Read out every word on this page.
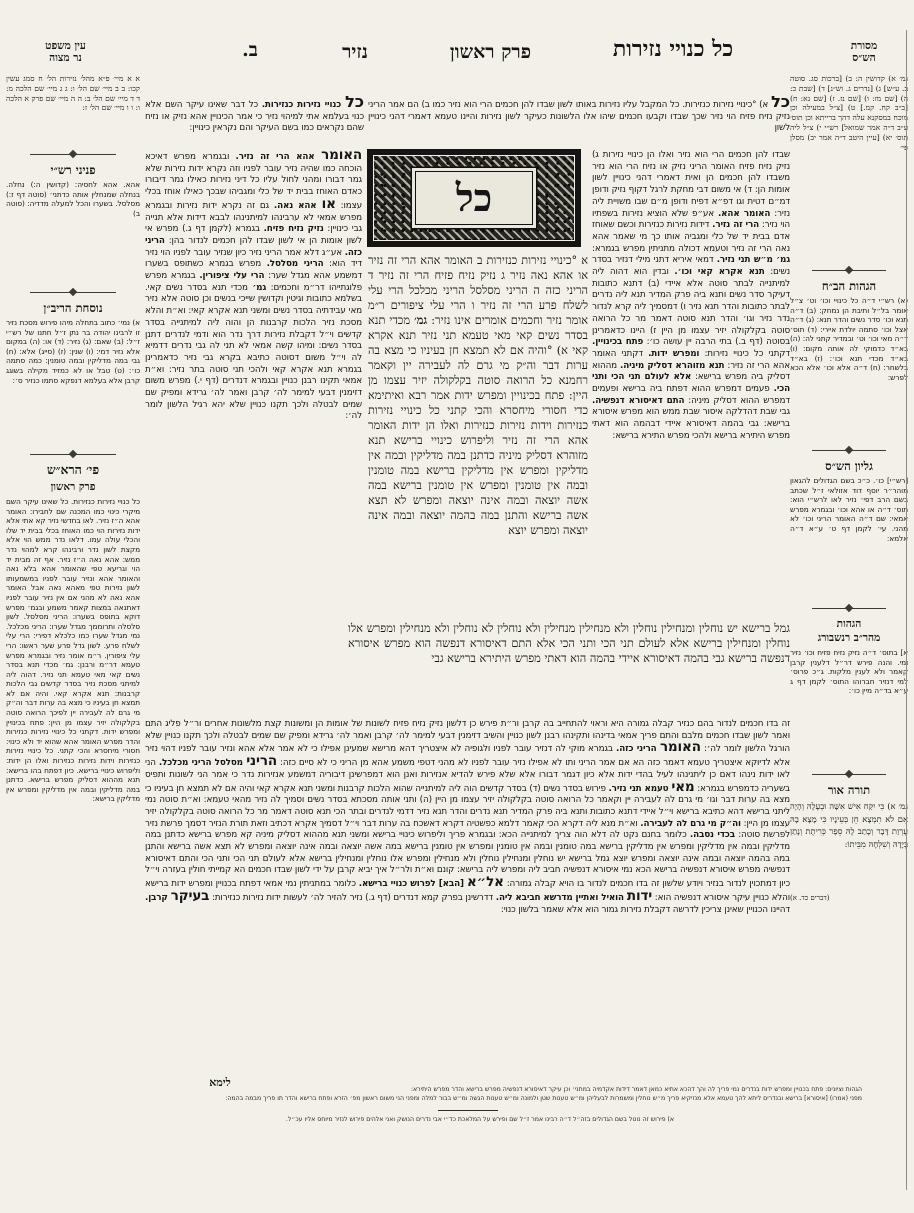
מסורת
הש״ס
כל כנויי נזירות
פרק ראשון
נזיר
ב.
עין משפט
נר מצוה
גמ׳ א) קדושין ה: ב) [ברכות סג. סוטה ב. ע״ש] ג) [נדרים ג. וש״נ] ד) [שבת כ: ה) [שם מז: ו) [שם נז. ז) [שם נא: ח) [ב״ב קח. קמ.] ט) [צ״ל במעילה וכן מוכח במסקנא עלה דהך ברייתא וכן תוס׳ ע״ב ד״ה אמר שמואל] רש״י י) צ״ל ליה תוס׳ יא) [עיין היטב ד״ה אמר יב) מסלן פי׳
הגהות הב״ח
(א) רש״י ד״ה כל כינויי וכו׳ וט׳ צ״ל אומר בל״ל ותיבת הן נמחק: (ב) ד״ה תנא וכו׳ סדר נשים והדר תנא: (ג) ד״ה אצל וכו׳ סתמה יולדת איירי: (ד) תוס׳ ד״ה מאי וכו׳ וט׳ ובמדיר קתני לה: (ה) בא״ד כדמוקי לה אותה מקום: (ו) בא״ד מכדי תנא וכו׳: (ז) בא״ד בלשחר: (ח) ד״ה אלא וכו׳ אלא הכא לפרש:
גליון הש״ס
[רש״י] כו׳. כ״כ בשם הגדולים להגאון מוהר״ר יוסף דוד אזולאי ז״ל שכתב בשם הרב דפי׳ נזיר לאו לרש״י הוא: תוס׳ ד״ה או אהא וכו׳ ובגמרא מפרש אמאי: שם ד״ה האומר הריני וכו׳ לא מהני. עי׳ לקמן דף ט׳ ע״א ד״ה אלמא:
הגהות
מהר״ב רנשבורג
א] בתוס׳ ד״ה נזיק נזיח פזיח וכו׳ נזיר ומי. והנה פירש דר״ל דלענין קרבן קאמר ולא לענין מלקות. ג״כ פרוס׳ למי דנזיר חברוהו התוס׳ לקמן דף ג ע״א בד״ה מיין כו׳:
תורה אור
גמ׳ א) כִּי יִקַּח אִישׁ אִשָּׁה וּבְעָלָהּ וְהָיָה אִם לֹא תִמְצָא חֵן בְּעֵינָיו כִּי מָצָא בָהּ עֶרְוַת דָּבָר וְכָתַב לָהּ סֵפֶר כְּרִיתֻת וְנָתַן בְּיָדָהּ וְשִׁלְּחָהּ מִבֵּיתוֹ:
(דברים כד. א)
א א מיי׳ פ״א מהל׳ נזירות הל׳ ח סמג עשין קכו: ב ב מיי׳ שם הל׳ ו: ג ג מיי׳ שם הלכה מ: ד ד מיי׳ שם הל׳ ב: ה ה מיי׳ שם פרק א הלכה ו: ו ו מיי׳ שם הל׳ ז:
פניני רש״י
אהא. אהא לחסיה: (קדושין ה:) נחלה. בנחלה שמנחלין אותה כדתני׳ (סוטה דף ז:) מסלסל. בשערו והכל למעלה מדדיה: (סוטה ב)
נוסחת הריב״ן
א) נמי׳ כתוב בתחלה מיהו פירוש מסכת נזיר זו לרבינו יהודה בר נתן ז״ל חתנו של רש״י ז״ל: (ב) שאם: (ג) נזיר: (ד) או: (ה) במקום אלא נזיר דמי: (ו) שנין: (ז) (סייג) אלא: (ח) גבי במה מדליקין ובמה טומנין: כמה סתמה כו׳: (ט) טבל או לא כמזיד מקילה בשוגג קרבן אלא בעלמא דנפקא סתמו כנזיר ס׳:
פי׳ הרא״ש
פרק ראשון
כל כנויי נזירות כנזירות. כל שאינו עיקר השם מיקרי כינוי כמו המכנה שם לחבירו: האומר אהא ה״ז נזיר. לאו בחדשי נזיר קא אתי אלא ידות נזירות הוי כמו האוחז בכלי בבית יד שלו והכלי עולה עמו. דלאו נדר ממש הוי אלא מקצת לשון נדר ורבינהו קרא למהוי נדר ממש: אהא נאה ה״ז נזיר. אף זה מבית יד הוי וגריעא טפי שהאומר אהא בלא נאה והאומר אהא ונזיר עובר לפניו במשמעותו לשון נזירות טפי מאהא נאה אבל האומר אהא נאה לא מהני אם אין נזיר עובר לפניו דאתנאה במצות קאמר משמע ובגמ׳ מפרש דוקא בתופס בשערו: הריני מסלסל. לשון סלסלה ותרוממך מגדל שערו: הריני מכלכל. נמי מגדל שערו כמו כלכלא דפירי: הרי עלי לשלח פרע. לשון גדל פרע שער ראשו: הרי עלי ציפורין. ר״מ אומר נזיר ובגמרא מפרש טעמא דר״מ ורבנן: גמ׳ מכדי תנא בסדר נשים קאי מאי טעמא תני נזיר. דהוה ליה למיתני מסכת נזיר בסדר קדשים גבי הלכות קרבנות: תנא אקרא קאי. והיה אם לא תמצא חן בעיניו כי מצא בה ערות דבר וה״ק מי גרם לה לעבירה יין לפיכך הרואה סוטה בקלקולה יזיר עצמו מן היין: פתח בכינויין ומפרש ידות. דקתני כל כינויי נזירות כנזירות והדר מפרש האומר אהא שהוא יד ולא כינוי: חסורי מיחסרא והכי קתני. כל כינויי נזירות כנזירות וידות נזירות כנזירות ואלו הן ידות: וליפרוש כינויי ברישא. כיון דפתח בהו ברישא: תנא מההוא דסליק מפרש ברישא. כדתנן במה מדליקין ובמה אין מדליקין ומפרש אין מדליקין ברישא:
כל א) °כינויי נזירות כנזירות. כל המקבל עליו נזירות באותו לשון שבדו להן חכמים הרי הוא נזיר כמו ב) הם אמר הריני נזיק נזיח פזיח הוי נזיר שכך שבדו וקבעו חכמים שיהו אלו הלשונות כעיקר לשון נזירות והיינו טעמא דאמרי דהני כינויין לשון
כל כנויי נזירות כנזירות. כל דבר שאינו עיקר השם אלא כנוי בעלמא אתי למיהוי נזיר כי אמר הכינויין אהא נזיק או נזיח שהם נקראים כמו בשם העיקר והם נקראין כינויין:
כל
שבדו להן חכמים הרי הוא נזיר ואלו הן כינויי נזירות ג) נזיק נזיח פזיח האומר הריני נזיק או נזיח הרי הוא נזיר משבדו להן חכמים הן ואית דאמרי דהני כינויין לשון אומות הן: ד) אי משום דבי מחקת לרגל דקוף נזיק ודופן דמ״ם דטית וגו דפ״א דפיח ודופן מ״ם שבו משויית ליה נזיר: האומר אהא. אע״פ שלא הוציא נזירות בשפתיו הוי נזיר: הרי זה נזיר. דידות נזירות כנזירות וכשם שאוחז אדם בבית יד של כלי ומגביה אותו כך מי שאמר אהא נאה הרי זה נזיר וטעמא דכולה מתניתין מפרש בגמרא: גמ׳ מ״ש תני נזיר. דמאי איריא דתני מילי דנזיר בסדר נשים: תנא אקרא קאי וכו׳. ובדין הוא דהוה ליה למיתנייה לבתר סוטה אלא איידי (ב) דתנא כתובות דעיקר סדר נשים ותנא ביה פרק המדיר תנא ליה נדרים לבתר כתובות והדר תנא נזיר ו) דמסמיך ליה קרא לנדור נדר נזיר וגו׳ והדר תנא סוטה דאמר מר כל הרואה סוטה בקלקולה יזיר עצמו מן היין ז) היינו כדאמרינן בסוטה (דף ב.) בתי הרבה יין עושה כו׳: פתח בכינויין. דקתני כל כינויי נזירות: ומפרש ידות. דקתני האומר אהא הרי זה נזיר: תנא מזוהרא דסליק מיניה. מההוא דסליק ביה מפרש ברישא: אלא לעולם תני הכי ותני הכי. פעמים דמפרש ההוא דפתח ביה ברישא ופעמים דמפרש ההוא דסליק מיניה: התם דאיסורא דנפשיה. גבי שבת דהדלקה איסור שבת ממש הוא מפרש איסורא ברישא: גבי בהמה דאיסורא איידי דבהמה הוא דאתי מפרש היתירא ברישא ולהכי מפרש התירא ברישא:
א °כינויי נזירות כנזירות ב האומר אהא הרי זה נזיר או אהא נאה נזיר ג נזיק נזיח פזיח הרי זה נזיר ד הריני כזה ה הריני מסלסל הריני מכלכל הרי עלי לשלח פרע הרי זה נזיר ו הרי עלי ציפורים ר״מ אומר נזיר וחכמים אומרים אינו נזיר: גמ׳ מכדי תנא בסדר נשים קאי מאי טעמא תני נזיר תנא אקרא קאי א) °והיה אם לא תמצא חן בעיניו כי מצא בה ערות דבר וה״ק מי גרם לה לעבירה יין וקאמר רחמנא כל הרואה סוטה בקלקולה יזיר עצמו מן היין: פתח בכינויין ומפרש ידות אמר רבא ואיתימא כדי חסורי מיחסרא והכי קתני כל כינויי נזירות כנזירות וידות נזירות כנזירות ואלו הן ידות האומר אהא הרי זה נזיר וליפרוש כינויי ברישא תנא מזוהרא דסליק מיניה כדתנן במה מדליקין ובמה אין מדליקין ומפרש אין מדליקין ברישא במה טומנין ובמה אין טומנין ומפרש אין טומנין ברישא במה אשה יוצאה ובמה אינה יוצאה ומפרש לא תצא אשה ברישא והתנן במה בהמה יוצאה ובמה אינה יוצאה ומפרש יוצא
האומר אהא הרי זה נזיר. ובגמרא מפרש דאיכא הוכחה כמו שהיה נזיר עובר לפניו וזה נקרא ידות נזירות שלא גמר דבורו ומהני לחול עליו כל דיני נזירות כאילו גמר דיבורו כאדם האוחז בבית יד של כלי ומגביהו שבכך כאילו אוחז בכלי עצמו: או אהא נאה. גם זה נקרא ידות נזירות ובגמרא מפרש אמאי לא ערבינהו למיתנינהו לבבא דידות אלא תנייה גבי כינויין: נזיק נזיח פזיח. בגמרא (לקמן דף ג.) מפרש אי לשון אומות הן אי לשון שבדו להן חכמים לנדור בהן: הריני כזה. אע״ג דלא אמר הריני נזיר כיון שנזיר עובר לפניו הוי נזיר דיד הוא: הריני מסלסל. מפרש בגמרא כשתופס בשערו דמשמע אהא מגדל שער: הרי עלי ציפורין. בגמרא מפרש פלוגתייהו דר״מ וחכמים: גמ׳ מכדי תנא בסדר נשים קאי. בשלמא כתובות וגיטין וקדושין שייכי בנשים וכן סוטה אלא נזיר מאי עבידתיה בסדר נשים ומשני תנא אקרא קאי: וא״ת והלא מסכת נזיר הלכות קרבנות הן והוה ליה למיתנייה בסדר קדשים וי״ל דקבלת נזירות דרך נדר הוא ודמי לנדרים דתנן בסדר נשים: ומיהו קשה אמאי לא תני לה גבי נדרים דדמיא לה וי״ל משום דסוטה כתיבא בקרא גבי נזיר כדאמרינן בגמרא תנא אקרא קאי ולהכי תני סוטה בתר נזיר: וא״ת אמאי תקינו רבנן כנויין ובגמרא דנדרים (דף י.) מפרש משום דזימנין דבעי למימר לה׳ קרבן ואמר לה׳ גרידא ומפיק שם שמים לבטלה ולכך תקנו כנויין שלא יהא רגיל הלשון לומר לה׳:
גמל ברישא יש נוחלין ומנחילין נוחלין ולא מנחילין מנחילין ולא נוחלין לא נוחלין ולא מנחילין ומפרש אלו נוחלין ומנחילין ברישא אלא לעולם תני הכי ותני הכי אלא התם דאיסורא דנפשה הוא מפרש איסורא דנפשה ברישא גבי בהמה דאיסורא איידי בהמה הוא דאתי מפרש היתירא ברישא גבי
זה בדו חכמים לנדור בהם כנזיר קבלה גמורה היא וראוי להתחייב בה קרבן ור״ת פירש כן דלשון נזיק נזיח פזיח לשונות של אומות הן ומשונות קצת מלשונות אחרים ור״ל פליג התם ואמר לשון שבדו חכמים מלבם והתם פריך אמאי בדינהו ותקינהו רבנן לשון כנויין והשיב דזימנין דבעי למימר לה׳ קרבן ואמר לה׳ גרידא ומפיק שם שמים לבטלה ולכך תקנו כנויין שלא הורגל הלשון לומר לה׳: האומר הריני כזה. בגמרא מוקי לה דנזיר עובר לפניו ולגופיה לא איצטריך דהא מרישא שמעינן אפילו כי לא אמר אלא אהא ונזיר עובר לפניו דהוי נזיר אלא לדיוקא איצטריך טעמא דאמר כזה הא אם אמר הריני ותו לא אפילו נזיר עובר לפניו לא מהני דטפי משמע אהא מן הריני כי לא סיים כזה: הריני מסלסל הריני מכלכל. הני לאו ידות נינהו דאם כן ליתנינהו לעיל בהדי ידות אלא כיון דגמר דבורו אלא שלא פירש להדיא אנזירות ואנן הוא דמפרשינן דיבוריה דמשמע אנזירות נדר כי אמר הני לשונות ותפיס בשעריה כדמפרש בגמרא: מאי טעמא תני נזיר. פירוש בסדר נשים (ד) בסדר קדשים הוה ליה למיתנייה שהוא הלכות קרבנות ומשני תנא אקרא קאי והיה אם לא תמצא חן בעיניו כי מצא בה ערות דבר וגו׳ מי גרם לה לעבירה יין וקאמר כל הרואה סוטה בקלקולה יזיר עצמו מן היין (ה) ותני אותה מסכתא בסדר נשים וסמיך לה נזיר מהאי טעמא: וא״ת סוטה נמי ליתני ברישא דהא כתיבא ברישא וי״ל איידי דתנא כתובות ותנא ביה פרק המדיר תנא נדרים והדר תנא נזיר דדמי לנדרים ובתר הכי תנא סוטה דאמר מר כל הרואה סוטה בקלקולה יזיר עצמו מן היין: וה״ק מי גרם לה לעבירה. וא״ת מנא ליה דקרא הכי קאמר דלמא כפשטיה דקרא דאשכח בה ערות דבר וי״ל דסמיך אקרא דכתיב וזאת תורת הנזיר דסמך פרשת נזיר לפרשת סוטה: בכדי נסבה. כלומר בחנם נקט לה דלא הוה צריך למיתנייה הכא: ובגמרא פריך וליפרוש כינויי ברישא ומשני תנא מההוא דסליק מיניה קא מפרש ברישא כדתנן במה מדליקין ובמה אין מדליקין ומפרש אין מדליקין ברישא במה טומנין ובמה אין טומנין ומפרש אין טומנין ברישא במה אשה יוצאה ובמה אינה יוצאה ומפרש לא תצא אשה ברישא והתנן במה בהמה יוצאה ובמה אינה יוצאה ומפרש יוצא גמל ברישא יש נוחלין ומנחילין נוחלין ולא מנחילין ומפרש אלו נוחלין ומנחילין ברישא אלא לעולם תני הכי ותני הכי והתם דאיסורא דנפשיה מפרש איסורא דנפשיה ברישא הכא נמי איסורא דנפשיה חביב ליה ומפרש ליה ברישא: קונם וא״ת ולר״ל איך יביא קרבן על ידי לשון שבדו חכמים הא קמייתי חולין בעזרה וי״ל כיון דמתכוין לנדור בנזיר ויודע שלשון זה בדו חכמים לנדור בו הויא קבלה גמורה: אל״א [הבא] לפרוש כנויי ברישא. כלומר במתניתין נמי אמאי דפתח בכנויין ומפרש ידות ברישא והלא כנויין עיקר איסורא דנפשיה הוא: ידות הואיל ואתיין מדרשא חביבא ליה. דדרשינן בפרק קמא דנדרים (דף ג.) נזיר להזיר לה׳ לעשות ידות נזירות כנזירות: בעיקר קרבן. דהיינו הכנויין שאינן צריכין לדרשה דקבלת נזירות גמור הוא אלא שאמר בלשון כנוי:
לימא
הגהות וציונים: פתח בכנויין ומפרש ידות בנדרים נמי פריך לה והך דהכא אתיא כמאן דאמר דידות אקדמיה במתני׳ וכן עיקר דאיסורא דנפשיה מפרש ברישא והדר מפרש היתירא:
מפני (אמרו) [איסורא] ברישא ובנדרים ליתא להך טעמא אלא מנזיקיא פריך מ״ש נוחלין ומשמרות לבעליהן ומ״ש טענות שטן ולמונה ומ״ש טענות הגשה ומ״ש בבור למלה ומפני הני משום ראשון מפ׳ הזרא ופתח ברישא והדר תו פריך מבמה בהמה:
א) פירוש זה נוטל בשם הגדולים בזה״ל ד״ה רבינו אמר ז״ל שם ופירש על המלאכת כד״י אבי נדרים הנושק ואני אלהים פירוש לנזיר מיוחס אליו עכ״ל.
